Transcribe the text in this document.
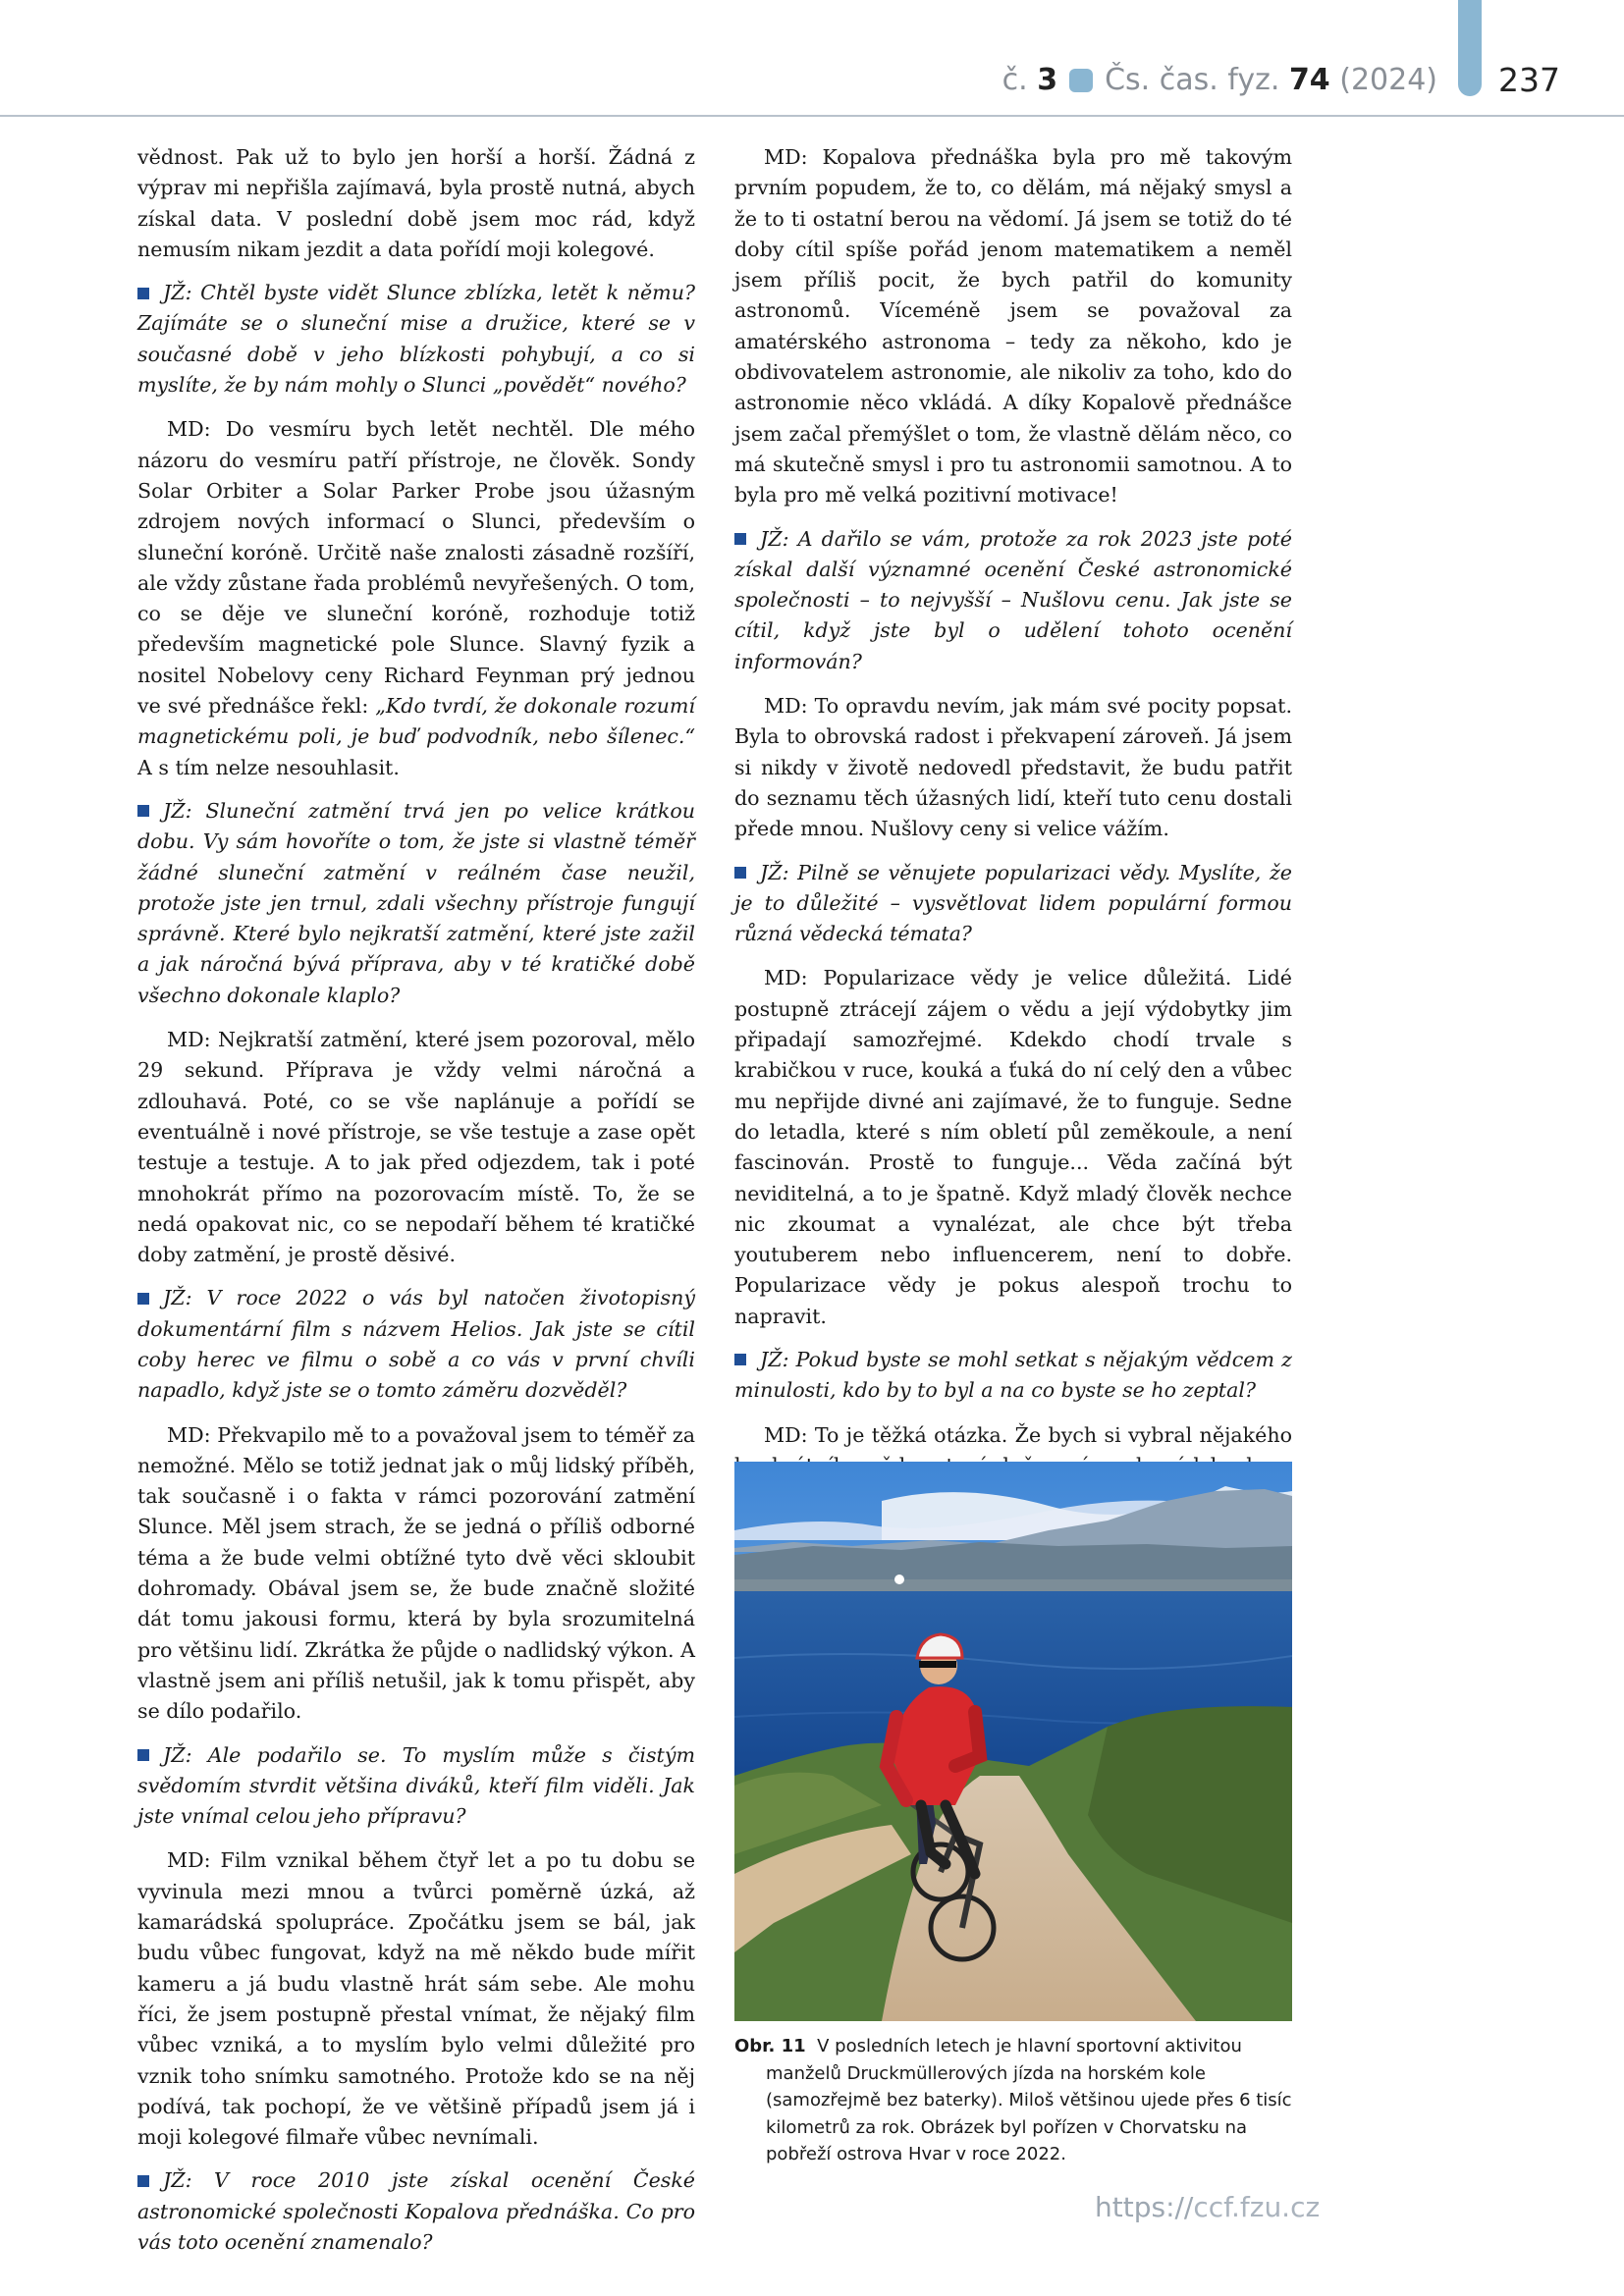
č.
3 Čs. čas. fyz.
74
(2024) 237

vědnost. Pak už to bylo jen horší a horší. Žádná z výprav mi nepřišla zajímavá, byla prostě nutná, abych získal data. V poslední době jsem moc rád, když nemusím nikam jezdit a data pořídí moji kolegové.

JŽ: Chtěl byste vidět Slunce zblízka, letět k němu? Zajímáte se o sluneční mise a družice, které se v současné době v jeho blízkosti pohybují, a co si myslíte, že by nám mohly o Slunci „povědět“ nového?

MD: Do vesmíru bych letět nechtěl. Dle mého názoru do vesmíru patří přístroje, ne člověk. Sondy Solar Orbiter a Solar Parker Probe jsou úžasným zdrojem nových informací o Slunci, především o sluneční koróně. Určitě naše znalosti zásadně rozšíří, ale vždy zůstane řada problémů nevyřešených. O tom, co se děje ve sluneční koróně, rozhoduje totiž především magnetické pole Slunce. Slavný fyzik a nositel Nobelovy ceny Richard Feynman prý jednou ve své přednášce řekl: „Kdo tvrdí, že dokonale rozumí magnetickému poli, je buď podvodník, nebo šílenec.“ A s tím nelze nesouhlasit.

JŽ: Sluneční zatmění trvá jen po velice krátkou dobu. Vy sám hovoříte o tom, že jste si vlastně téměř žádné sluneční zatmění v reálném čase neužil, protože jste jen trnul, zdali všechny přístroje fungují správně. Které bylo nejkratší zatmění, které jste zažil a jak náročná bývá příprava, aby v té kratičké době všechno dokonale klaplo?

MD: Nejkratší zatmění, které jsem pozoroval, mělo 29 sekund. Příprava je vždy velmi náročná a zdlouhavá. Poté, co se vše naplánuje a pořídí se eventuálně i nové přístroje, se vše testuje a zase opět testuje a testuje. A to jak před odjezdem, tak i poté mnohokrát přímo na pozorovacím místě. To, že se nedá opakovat nic, co se nepodaří během té kratičké doby zatmění, je prostě děsivé.

JŽ: V roce 2022 o vás byl natočen životopisný dokumentární film s názvem Helios. Jak jste se cítil coby herec ve filmu o sobě a co vás v první chvíli napadlo, když jste se o tomto záměru dozvěděl?

MD: Překvapilo mě to a považoval jsem to téměř za nemožné. Mělo se totiž jednat jak o můj lidský příběh, tak současně i o fakta v rámci pozorování zatmění Slunce. Měl jsem strach, že se jedná o příliš odborné téma a že bude velmi obtížné tyto dvě věci skloubit dohromady. Obával jsem se, že bude značně složité dát tomu jakousi formu, která by byla srozumitelná pro většinu lidí. Zkrátka že půjde o nadlidský výkon. A vlastně jsem ani příliš netušil, jak k tomu přispět, aby se dílo podařilo.

JŽ: Ale podařilo se. To myslím může s čistým svědomím stvrdit většina diváků, kteří film viděli. Jak jste vnímal celou jeho přípravu?

MD: Film vznikal během čtyř let a po tu dobu se vyvinula mezi mnou a tvůrci poměrně úzká, až kamarádská spolupráce. Zpočátku jsem se bál, jak budu vůbec fungovat, když na mě někdo bude mířit kameru a já budu vlastně hrát sám sebe. Ale mohu říci, že jsem postupně přestal vnímat, že nějaký film vůbec vzniká, a to myslím bylo velmi důležité pro vznik toho snímku samotného. Protože kdo se na něj podívá, tak pochopí, že ve většině případů jsem já i moji kolegové filmaře vůbec nevnímali.

JŽ: V roce 2010 jste získal ocenění České astronomické společnosti Kopalova přednáška. Co pro vás toto ocenění znamenalo?

MD: Kopalova přednáška byla pro mě takovým prvním popudem, že to, co dělám, má nějaký smysl a že to ti ostatní berou na vědomí. Já jsem se totiž do té doby cítil spíše pořád jenom matematikem a neměl jsem příliš pocit, že bych patřil do komunity astronomů. Víceméně jsem se považoval za amatérského astronoma – tedy za někoho, kdo je obdivovatelem astronomie, ale nikoliv za toho, kdo do astronomie něco vkládá. A díky Kopalově přednášce jsem začal přemýšlet o tom, že vlastně dělám něco, co má skutečně smysl i pro tu astronomii samotnou. A to byla pro mě velká pozitivní motivace!

JŽ: A dařilo se vám, protože za rok 2023 jste poté získal další významné ocenění České astronomické společnosti – to nejvyšší – Nušlovu cenu. Jak jste se cítil, když jste byl o udělení tohoto ocenění informován?

MD: To opravdu nevím, jak mám své pocity popsat. Byla to obrovská radost i překvapení zároveň. Já jsem si nikdy v životě nedovedl představit, že budu patřit do seznamu těch úžasných lidí, kteří tuto cenu dostali přede mnou. Nušlovy ceny si velice vážím.

JŽ: Pilně se věnujete popularizaci vědy. Myslíte, že je to důležité – vysvětlovat lidem populární formou různá vědecká témata?

MD: Popularizace vědy je velice důležitá. Lidé postupně ztrácejí zájem o vědu a její výdobytky jim připadají samozřejmé. Kdekdo chodí trvale s krabičkou v ruce, kouká a ťuká do ní celý den a vůbec mu nepřijde divné ani zajímavé, že to funguje. Sedne do letadla, které s ním obletí půl zeměkoule, a není fascinován. Prostě to funguje... Věda začíná být neviditelná, a to je špatně. Když mladý člověk nechce nic zkoumat a vynalézat, ale chce být třeba youtuberem nebo influencerem, není to dobře. Popularizace vědy je pokus alespoň trochu to napravit.

JŽ: Pokud byste se mohl setkat s nějakým vědcem z minulosti, kdo by to byl a na co byste se ho zeptal?

MD: To je těžká otázka. Že bych si vybral nějakého

Obr. 11 V posledních letech je hlavní sportovní aktivitou manželů Druckmüllerových jízda na horském kole (samozřejmě bez baterky). Miloš většinou ujede přes 6 tisíc kilometrů za rok. Obrázek byl pořízen v Chorvatsku na pobřeží ostrova Hvar v roce 2022.
https://ccf.fzu.cz
